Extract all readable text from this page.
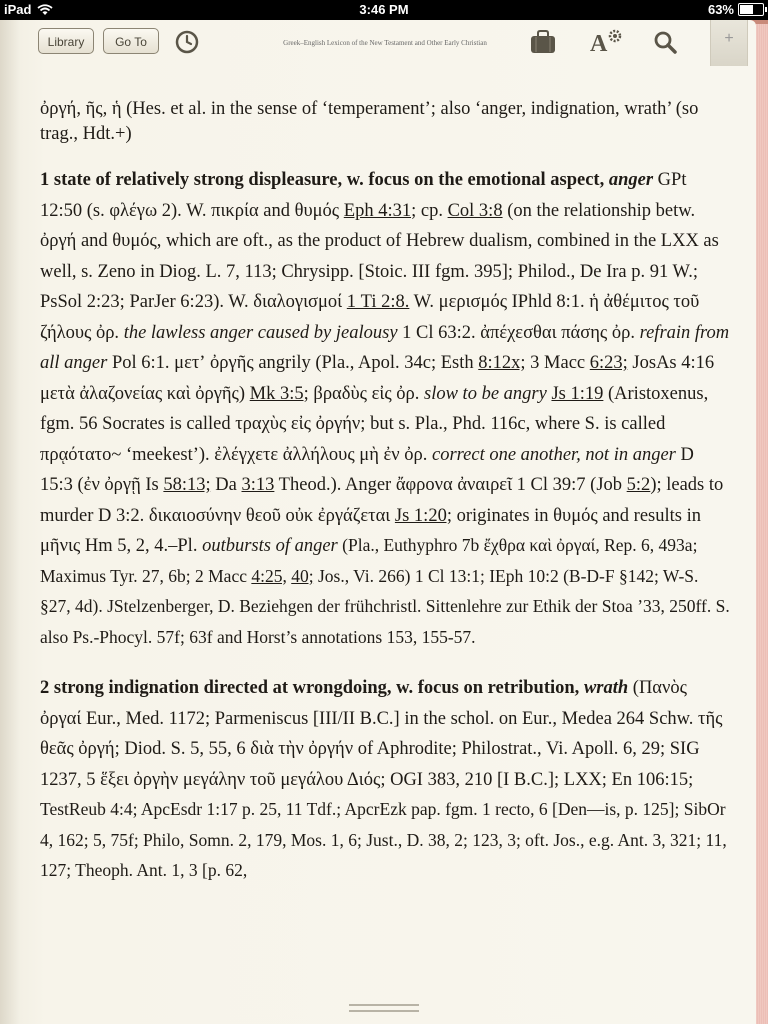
iPad	3:46 PM	63%
Library	Go To	Greek–English Lexicon of the New Testament and Other Early Christian	A	+

ὀργή, ῆς, ἡ (Hes. et al. in the sense of ‘temperament’; also ‘anger, indignation, wrath’ (so trag., Hdt.+)

1 state of relatively strong displeasure, w. focus on the emotional aspect, anger GPt 12:50 (s. φλέγω 2). W. πικρία and θυμός Eph 4:31; cp. Col 3:8 (on the relationship betw. ὀργή and θυμός, which are oft., as the product of Hebrew dualism, combined in the LXX as well, s. Zeno in Diog. L. 7, 113; Chrysipp. [Stoic. III fgm. 395]; Philod., De Ira p. 91 W.; PsSol 2:23; ParJer 6:23). W. διαλογισμοί 1 Ti 2:8. W. μερισμός IPhld 8:1. ἡ ἀθέμιτος τοῦ ζήλους ὀρ. the lawless anger caused by jealousy 1 Cl 63:2. ἀπέχεσθαι πάσης ὀρ. refrain from all anger Pol 6:1. μετʼ ὀργῆς angrily (Pla., Apol. 34c; Esth 8:12x; 3 Macc 6:23; JosAs 4:16 μετὰ ἀλαζονείας καὶ ὀργῆς) Mk 3:5; βραδὺς εἰς ὀρ. slow to be angry Js 1:19 (Aristoxenus, fgm. 56 Socrates is called τραχὺς εἰς ὀργήν; but s. Pla., Phd. 116c, where S. is called πρᾳότατο~ ‘meekest’). ἐλέγχετε ἀλλήλους μὴ ἐν ὀρ. correct one another, not in anger D 15:3 (ἐν ὀργῇ Is 58:13; Da 3:13 Theod.). Anger ἄφρονα ἀναιρεῖ 1 Cl 39:7 (Job 5:2); leads to murder D 3:2. δικαιοσύνην θεοῦ οὐκ ἐργάζεται Js 1:20; originates in θυμός and results in μῆνις Hm 5, 2, 4.–Pl. outbursts of anger (Pla., Euthyphro 7b ἔχθρα καὶ ὀργαί, Rep. 6, 493a; Maximus Tyr. 27, 6b; 2 Macc 4:25, 40; Jos., Vi. 266) 1 Cl 13:1; IEph 10:2 (B-D-F §142; W-S. §27, 4d). JStelzenberger, D. Beziehgen der frühchristl. Sittenlehre zur Ethik der Stoa ’33, 250ff. S. also Ps.-Phocyl. 57f; 63f and Horst’s annotations 153, 155-57.

2 strong indignation directed at wrongdoing, w. focus on retribution, wrath (Πανὸς ὀργαί Eur., Med. 1172; Parmeniscus [III/II B.C.] in the schol. on Eur., Medea 264 Schw. τῆς θεᾶς ὀργή; Diod. S. 5, 55, 6 διὰ τὴν ὀργήν of Aphrodite; Philostrat., Vi. Apoll. 6, 29; SIG 1237, 5 ἕξει ὀργὴν μεγάλην τοῦ μεγάλου Διός; OGI 383, 210 [I B.C.]; LXX; En 106:15; TestReub 4:4; ApcEsdr 1:17 p. 25, 11 Tdf.; ApcrEzk pap. fgm. 1 recto, 6 [Den—is, p. 125]; SibOr 4, 162; 5, 75f; Philo, Somn. 2, 179, Mos. 1, 6; Just., D. 38, 2; 123, 3; oft. Jos., e.g. Ant. 3, 321; 11, 127; Theoph. Ant. 1, 3 [p. 62,
